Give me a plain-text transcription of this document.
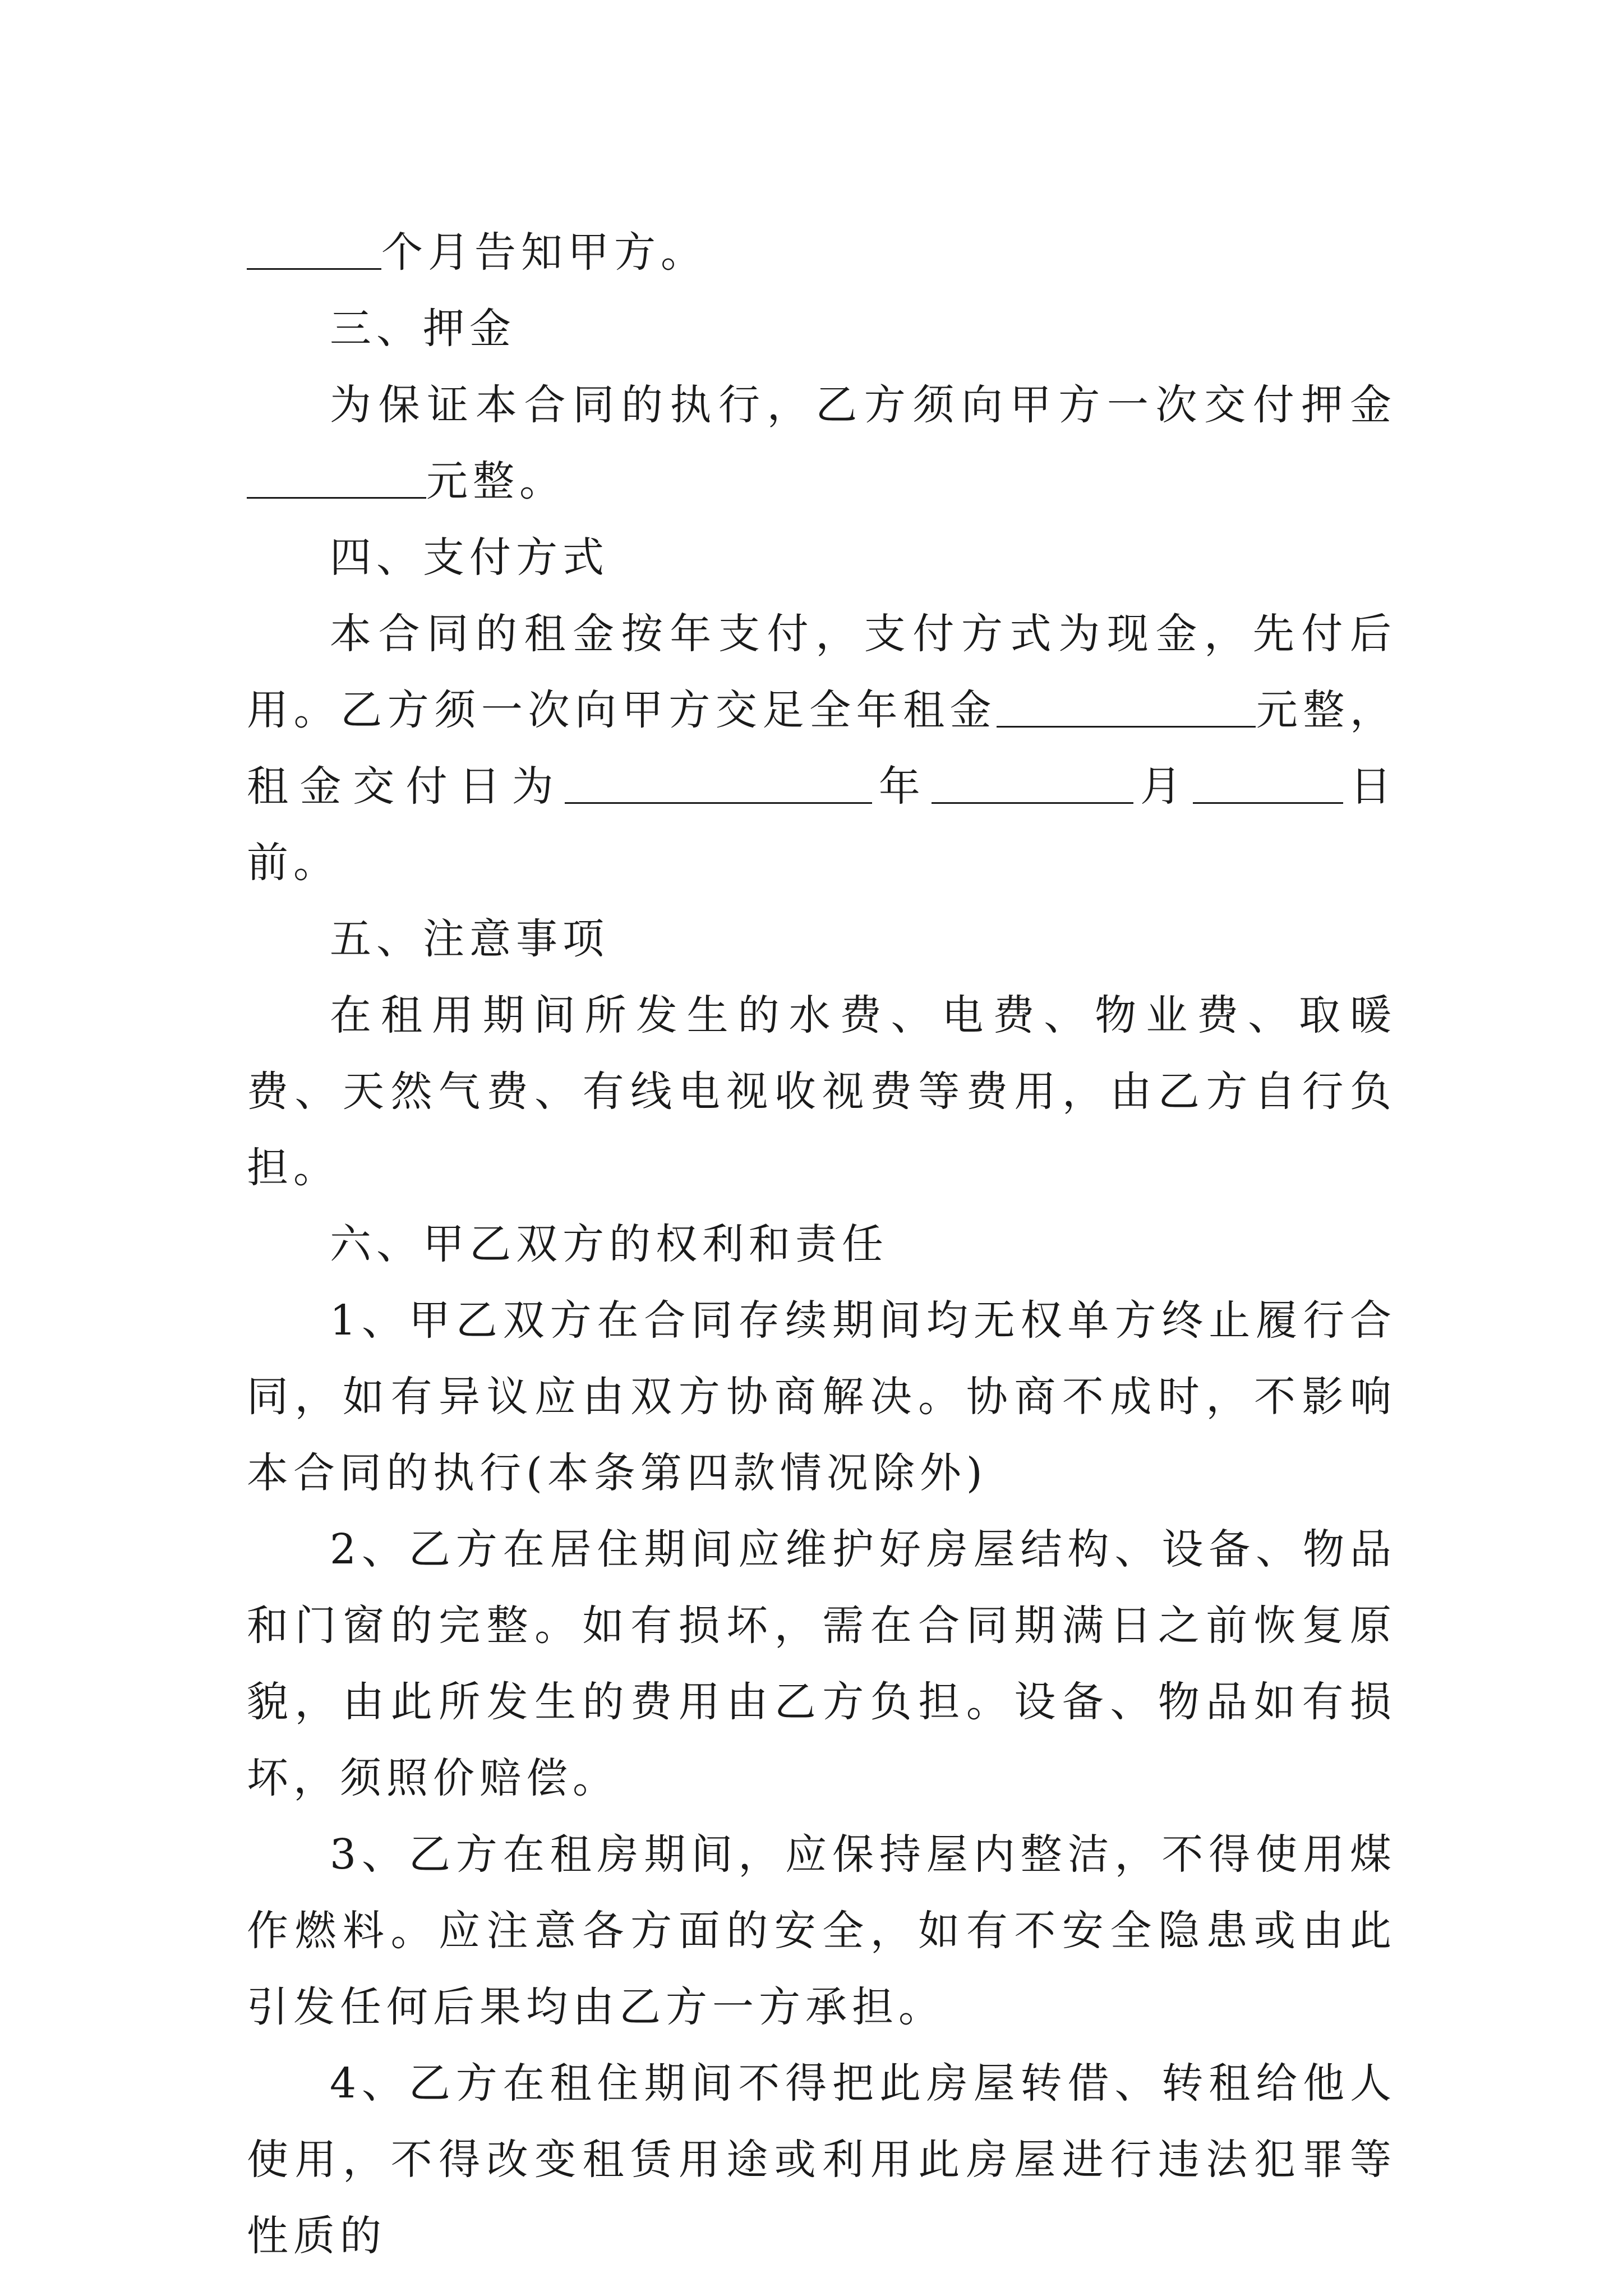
个月告知甲方。

三、押金

为保证本合同的执行，乙方须向甲方一次交付押金元整。

四、支付方式

本合同的租金按年支付，支付方式为现金，先付后用。乙方须一次向甲方交足全年租金	元整，租金交付日为	年	月	日前。

五、注意事项

在租用期间所发生的水费、电费、物业费、取暖费、天然气费、有线电视收视费等费用，由乙方自行负担。

六、甲乙双方的权利和责任

1、甲乙双方在合同存续期间均无权单方终止履行合同，如有异议应由双方协商解决。协商不成时，不影响本合同的执行(本条第四款情况除外)

2、乙方在居住期间应维护好房屋结构、设备、物品和门窗的完整。如有损坏，需在合同期满日之前恢复原貌，由此所发生的费用由乙方负担。设备、物品如有损坏，须照价赔偿。

3、乙方在租房期间，应保持屋内整洁，不得使用煤作燃料。应注意各方面的安全，如有不安全隐患或由此引发任何后果均由乙方一方承担。

4、乙方在租住期间不得把此房屋转借、转租给他人使用，不得改变租赁用途或利用此房屋进行违法犯罪等性质的
